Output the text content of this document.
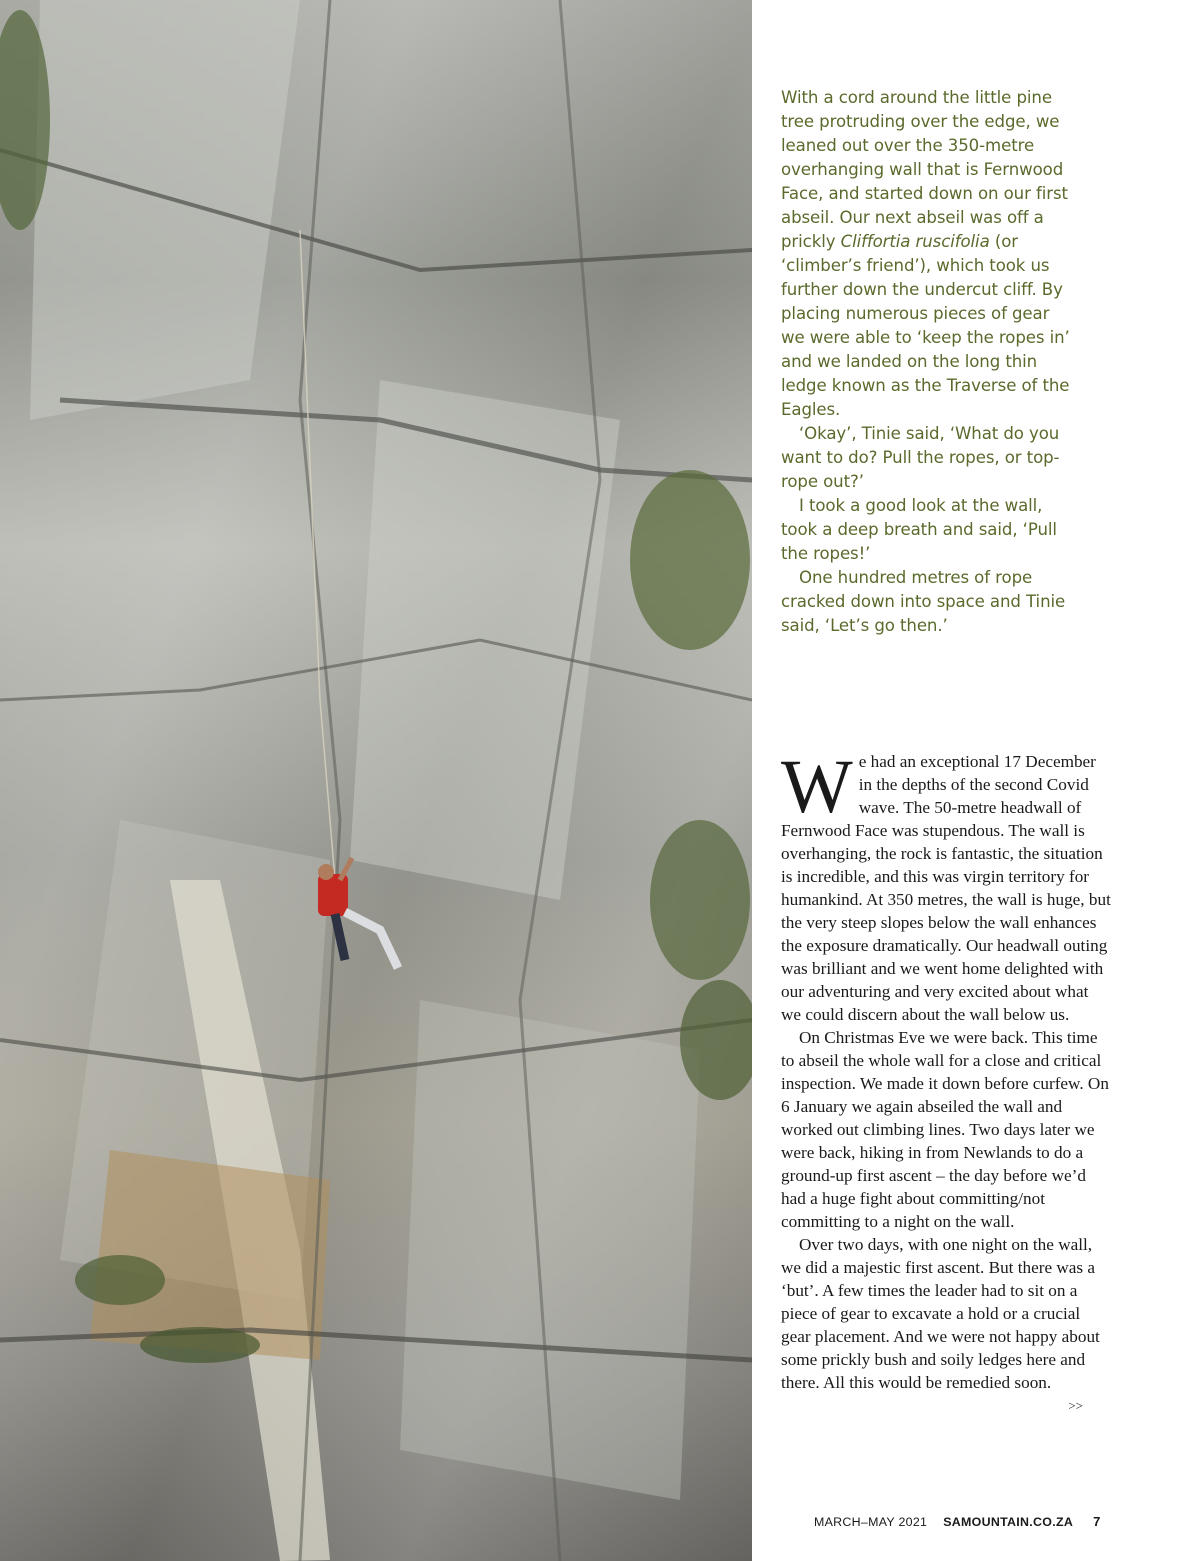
With a cord around the little pine tree protruding over the edge, we leaned out over the 350-metre overhanging wall that is Fernwood Face, and started down on our first abseil. Our next abseil was off a prickly Cliffortia ruscifolia (or ‘climber’s friend’), which took us further down the undercut cliff. By placing numerous pieces of gear we were able to ‘keep the ropes in’ and we landed on the long thin ledge known as the Traverse of the Eagles.

‘Okay’, Tinie said, ‘What do you want to do? Pull the ropes, or top-rope out?’

I took a good look at the wall, took a deep breath and said, ‘Pull the ropes!’

One hundred metres of rope cracked down into space and Tinie said, ‘Let’s go then.’

We had an exceptional 17 December in the depths of the second Covid wave. The 50-metre headwall of Fernwood Face was stupendous. The wall is overhanging, the rock is fantastic, the situation is incredible, and this was virgin territory for humankind. At 350 metres, the wall is huge, but the very steep slopes below the wall enhances the exposure dramatically. Our headwall outing was brilliant and we went home delighted with our adventuring and very excited about what we could discern about the wall below us.

On Christmas Eve we were back. This time to abseil the whole wall for a close and critical inspection. We made it down before curfew. On 6 January we again abseiled the wall and worked out climbing lines. Two days later we were back, hiking in from Newlands to do a ground-up first ascent – the day before we’d had a huge fight about committing/not committing to a night on the wall.

Over two days, with one night on the wall, we did a majestic first ascent. But there was a ‘but’. A few times the leader had to sit on a piece of gear to excavate a hold or a crucial gear placement. And we were not happy about some prickly bush and soily ledges here and there. All this would be remedied soon.
>>

MARCH–MAY 2021 SAMOUNTAIN.CO.ZA 7
